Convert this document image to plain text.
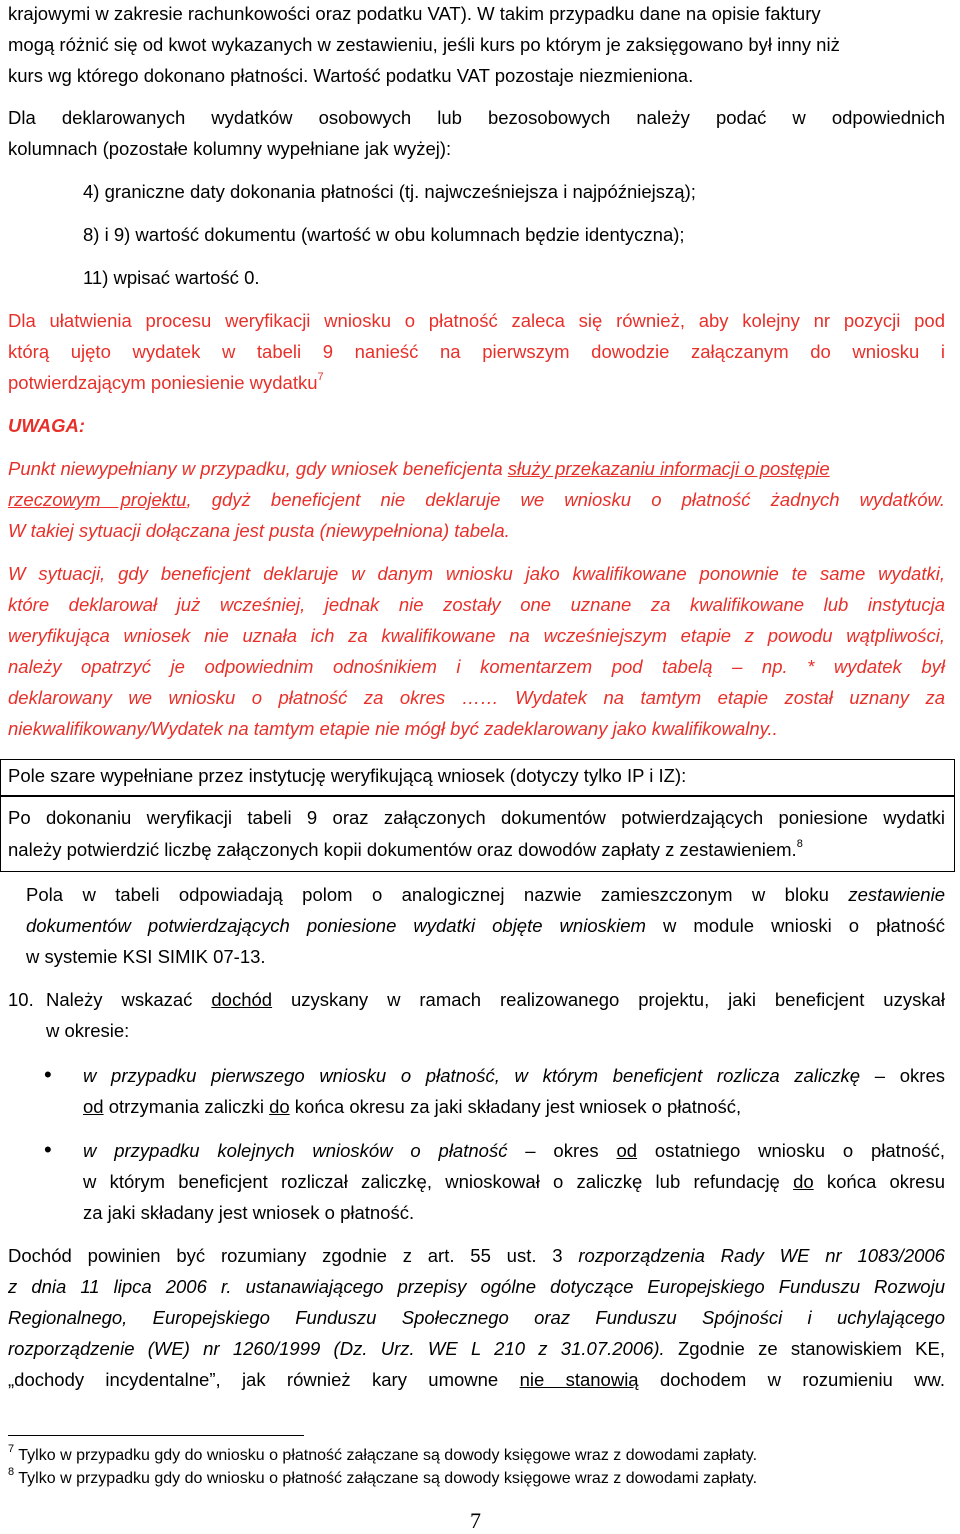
krajowymi w zakresie rachunkowości oraz podatku VAT). W takim przypadku dane na opisie faktury
mogą różnić się od kwot wykazanych w zestawieniu, jeśli kurs po którym je zaksięgowano był inny niż
kurs wg którego dokonano płatności. Wartość podatku VAT pozostaje niezmieniona.
Dla deklarowanych wydatków osobowych lub bezosobowych należy podać w odpowiednich
kolumnach (pozostałe kolumny wypełniane jak wyżej):
4) graniczne daty dokonania płatności (tj. najwcześniejsza i najpóźniejszą);
8) i 9) wartość dokumentu (wartość w obu kolumnach będzie identyczna);
11) wpisać wartość 0.
Dla ułatwienia procesu weryfikacji wniosku o płatność zaleca się również, aby kolejny nr pozycji pod
którą ujęto wydatek w tabeli 9 nanieść na pierwszym dowodzie załączanym do wniosku i
potwierdzającym poniesienie wydatku$^7$
UWAGA:
Punkt niewypełniany w przypadku, gdy wniosek beneficjenta służy przekazaniu informacji o postępie
rzeczowym projektu, gdyż beneficjent nie deklaruje we wniosku o płatność żadnych wydatków.
W takiej sytuacji dołączana jest pusta (niewypełniona) tabela.
W sytuacji, gdy beneficjent deklaruje w danym wniosku jako kwalifikowane ponownie te same wydatki,
które deklarował już wcześniej, jednak nie zostały one uznane za kwalifikowane lub instytucja
weryfikująca wniosek nie uznała ich za kwalifikowane na wcześniejszym etapie z powodu wątpliwości,
należy opatrzyć je odpowiednim odnośnikiem i komentarzem pod tabelą – np. * wydatek był
deklarowany we wniosku o płatność za okres …… Wydatek na tamtym etapie został uznany za
niekwalifikowany/Wydatek na tamtym etapie nie mógł być zadeklarowany jako kwalifikowalny..
Pole szare wypełniane przez instytucję weryfikującą wniosek (dotyczy tylko IP i IZ):
Po dokonaniu weryfikacji tabeli 9 oraz załączonych dokumentów potwierdzających poniesione wydatki
należy potwierdzić liczbę załączonych kopii dokumentów oraz dowodów zapłaty z zestawieniem.$^8$
Pola w tabeli odpowiadają polom o analogicznej nazwie zamieszczonym w bloku zestawienie
dokumentów potwierdzających poniesione wydatki objęte wnioskiem w module wnioski o płatność
w systemie KSI SIMIK 07-13.
10. Należy wskazać dochód uzyskany w ramach realizowanego projektu, jaki beneficjent uzyskał
w okresie:
• w przypadku pierwszego wniosku o płatność, w którym beneficjent rozlicza zaliczkę – okres
od otrzymania zaliczki do końca okresu za jaki składany jest wniosek o płatność,
• w przypadku kolejnych wniosków o płatność – okres od ostatniego wniosku o płatność,
w którym beneficjent rozliczał zaliczkę, wnioskował o zaliczkę lub refundację do końca okresu
za jaki składany jest wniosek o płatność.
Dochód powinien być rozumiany zgodnie z art. 55 ust. 3 rozporządzenia Rady WE nr 1083/2006
z dnia 11 lipca 2006 r. ustanawiającego przepisy ogólne dotyczące Europejskiego Funduszu Rozwoju
Regionalnego, Europejskiego Funduszu Społecznego oraz Funduszu Spójności i uchylającego
rozporządzenie (WE) nr 1260/1999 (Dz. Urz. WE L 210 z 31.07.2006). Zgodnie ze stanowiskiem KE,
„dochody incydentalne”, jak również kary umowne nie stanowią dochodem w rozumieniu ww.
$^7$ Tylko w przypadku gdy do wniosku o płatność załączane są dowody księgowe wraz z dowodami zapłaty.
$^8$ Tylko w przypadku gdy do wniosku o płatność załączane są dowody księgowe wraz z dowodami zapłaty.
7
